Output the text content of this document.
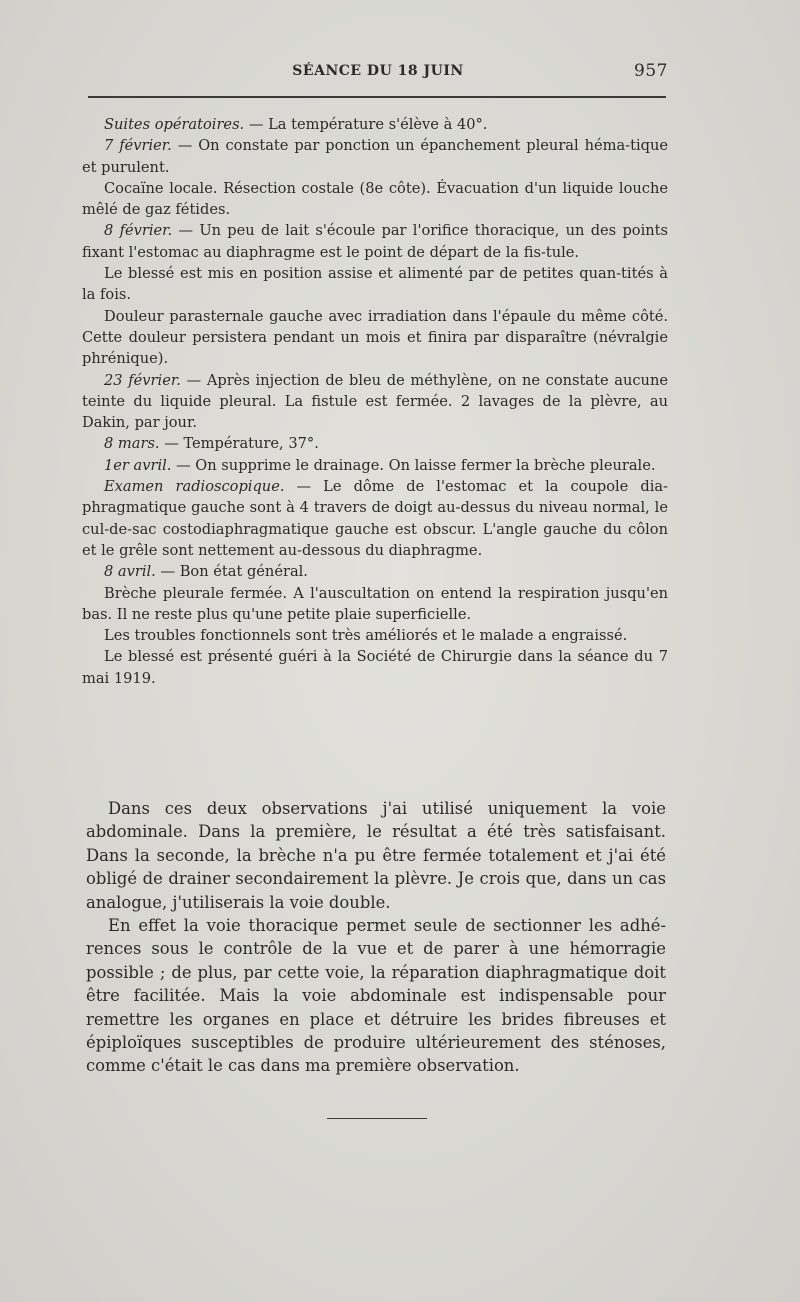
SÉANCE DU 18 JUIN	957

Suites opératoires. — La température s'élève à 40°.

7 février. — On constate par ponction un épanchement pleural héma-tique et purulent.

Cocaïne locale. Résection costale (8e côte). Évacuation d'un liquide louche mêlé de gaz fétides.

8 février. — Un peu de lait s'écoule par l'orifice thoracique, un des points fixant l'estomac au diaphragme est le point de départ de la fis-tule.

Le blessé est mis en position assise et alimenté par de petites quan-tités à la fois.

Douleur parasternale gauche avec irradiation dans l'épaule du même côté. Cette douleur persistera pendant un mois et finira par disparaître (névralgie phrénique).

23 février. — Après injection de bleu de méthylène, on ne constate aucune teinte du liquide pleural. La fistule est fermée. 2 lavages de la plèvre, au Dakin, par jour.

8 mars. — Température, 37°.

1er avril. — On supprime le drainage. On laisse fermer la brèche pleurale.

Examen radioscopique. — Le dôme de l'estomac et la coupole dia-phragmatique gauche sont à 4 travers de doigt au-dessus du niveau normal, le cul-de-sac costodiaphragmatique gauche est obscur. L'angle gauche du côlon et le grêle sont nettement au-dessous du diaphragme.

8 avril. — Bon état général.

Brèche pleurale fermée. A l'auscultation on entend la respiration jusqu'en bas. Il ne reste plus qu'une petite plaie superficielle.

Les troubles fonctionnels sont très améliorés et le malade a engraissé.

Le blessé est présenté guéri à la Société de Chirurgie dans la séance du 7 mai 1919.

Dans ces deux observations j'ai utilisé uniquement la voie abdominale. Dans la première, le résultat a été très satisfaisant. Dans la seconde, la brèche n'a pu être fermée totalement et j'ai été obligé de drainer secondairement la plèvre. Je crois que, dans un cas analogue, j'utiliserais la voie double.

En effet la voie thoracique permet seule de sectionner les adhé-rences sous le contrôle de la vue et de parer à une hémorragie possible ; de plus, par cette voie, la réparation diaphragmatique doit être facilitée. Mais la voie abdominale est indispensable pour remettre les organes en place et détruire les brides fibreuses et épiploïques susceptibles de produire ultérieurement des sténoses, comme c'était le cas dans ma première observation.
